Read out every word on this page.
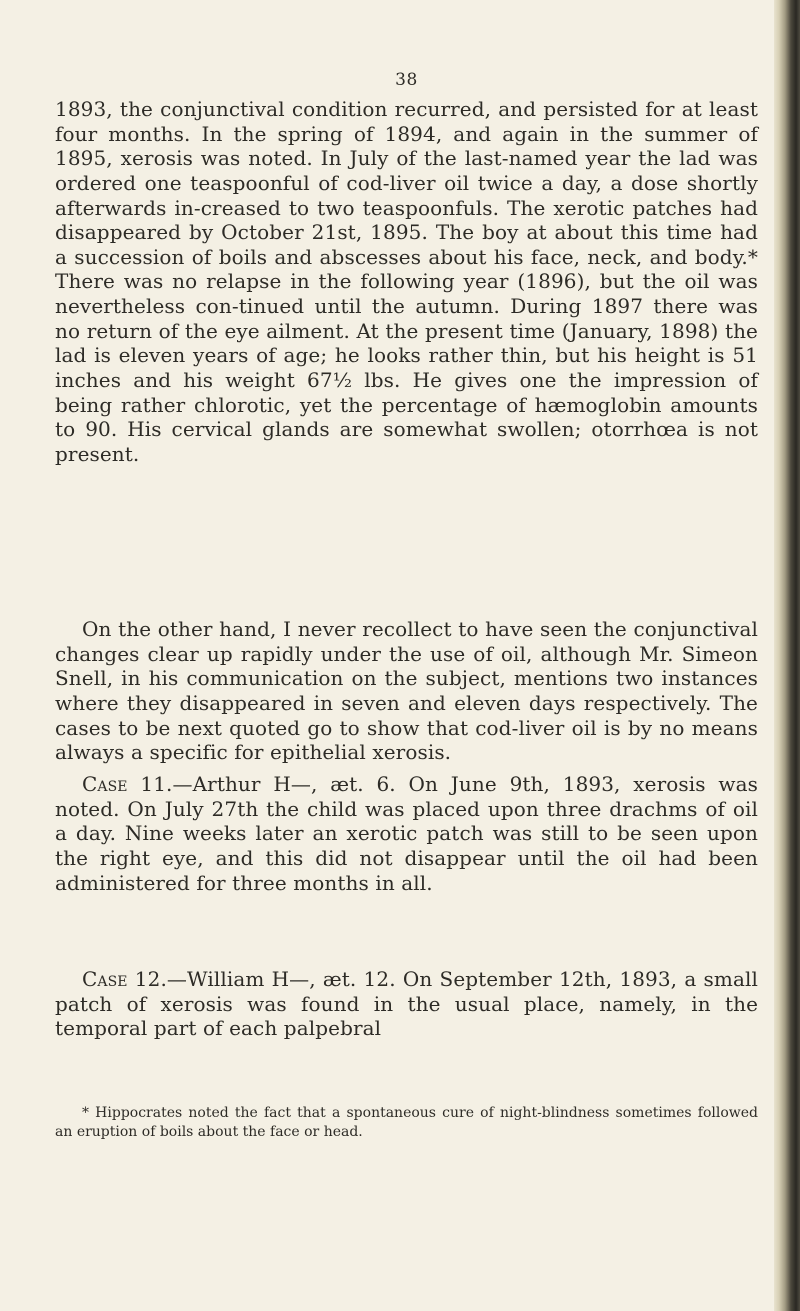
38

1893, the conjunctival condition recurred, and persisted for at least four months. In the spring of 1894, and again in the summer of 1895, xerosis was noted. In July of the last-named year the lad was ordered one teaspoonful of cod-liver oil twice a day, a dose shortly afterwards in-creased to two teaspoonfuls. The xerotic patches had disappeared by October 21st, 1895. The boy at about this time had a succession of boils and abscesses about his face, neck, and body.* There was no relapse in the following year (1896), but the oil was nevertheless con-tinued until the autumn. During 1897 there was no return of the eye ailment. At the present time (January, 1898) the lad is eleven years of age; he looks rather thin, but his height is 51 inches and his weight 67½ lbs. He gives one the impression of being rather chlorotic, yet the percentage of hæmoglobin amounts to 90. His cervical glands are somewhat swollen; otorrhœa is not present.

On the other hand, I never recollect to have seen the conjunctival changes clear up rapidly under the use of oil, although Mr. Simeon Snell, in his communication on the subject, mentions two instances where they disappeared in seven and eleven days respectively. The cases to be next quoted go to show that cod-liver oil is by no means always a specific for epithelial xerosis.

Case 11.—Arthur H—, æt. 6. On June 9th, 1893, xerosis was noted. On July 27th the child was placed upon three drachms of oil a day. Nine weeks later an xerotic patch was still to be seen upon the right eye, and this did not disappear until the oil had been administered for three months in all.

Case 12.—William H—, æt. 12. On September 12th, 1893, a small patch of xerosis was found in the usual place, namely, in the temporal part of each palpebral

* Hippocrates noted the fact that a spontaneous cure of night-blindness sometimes followed an eruption of boils about the face or head.
